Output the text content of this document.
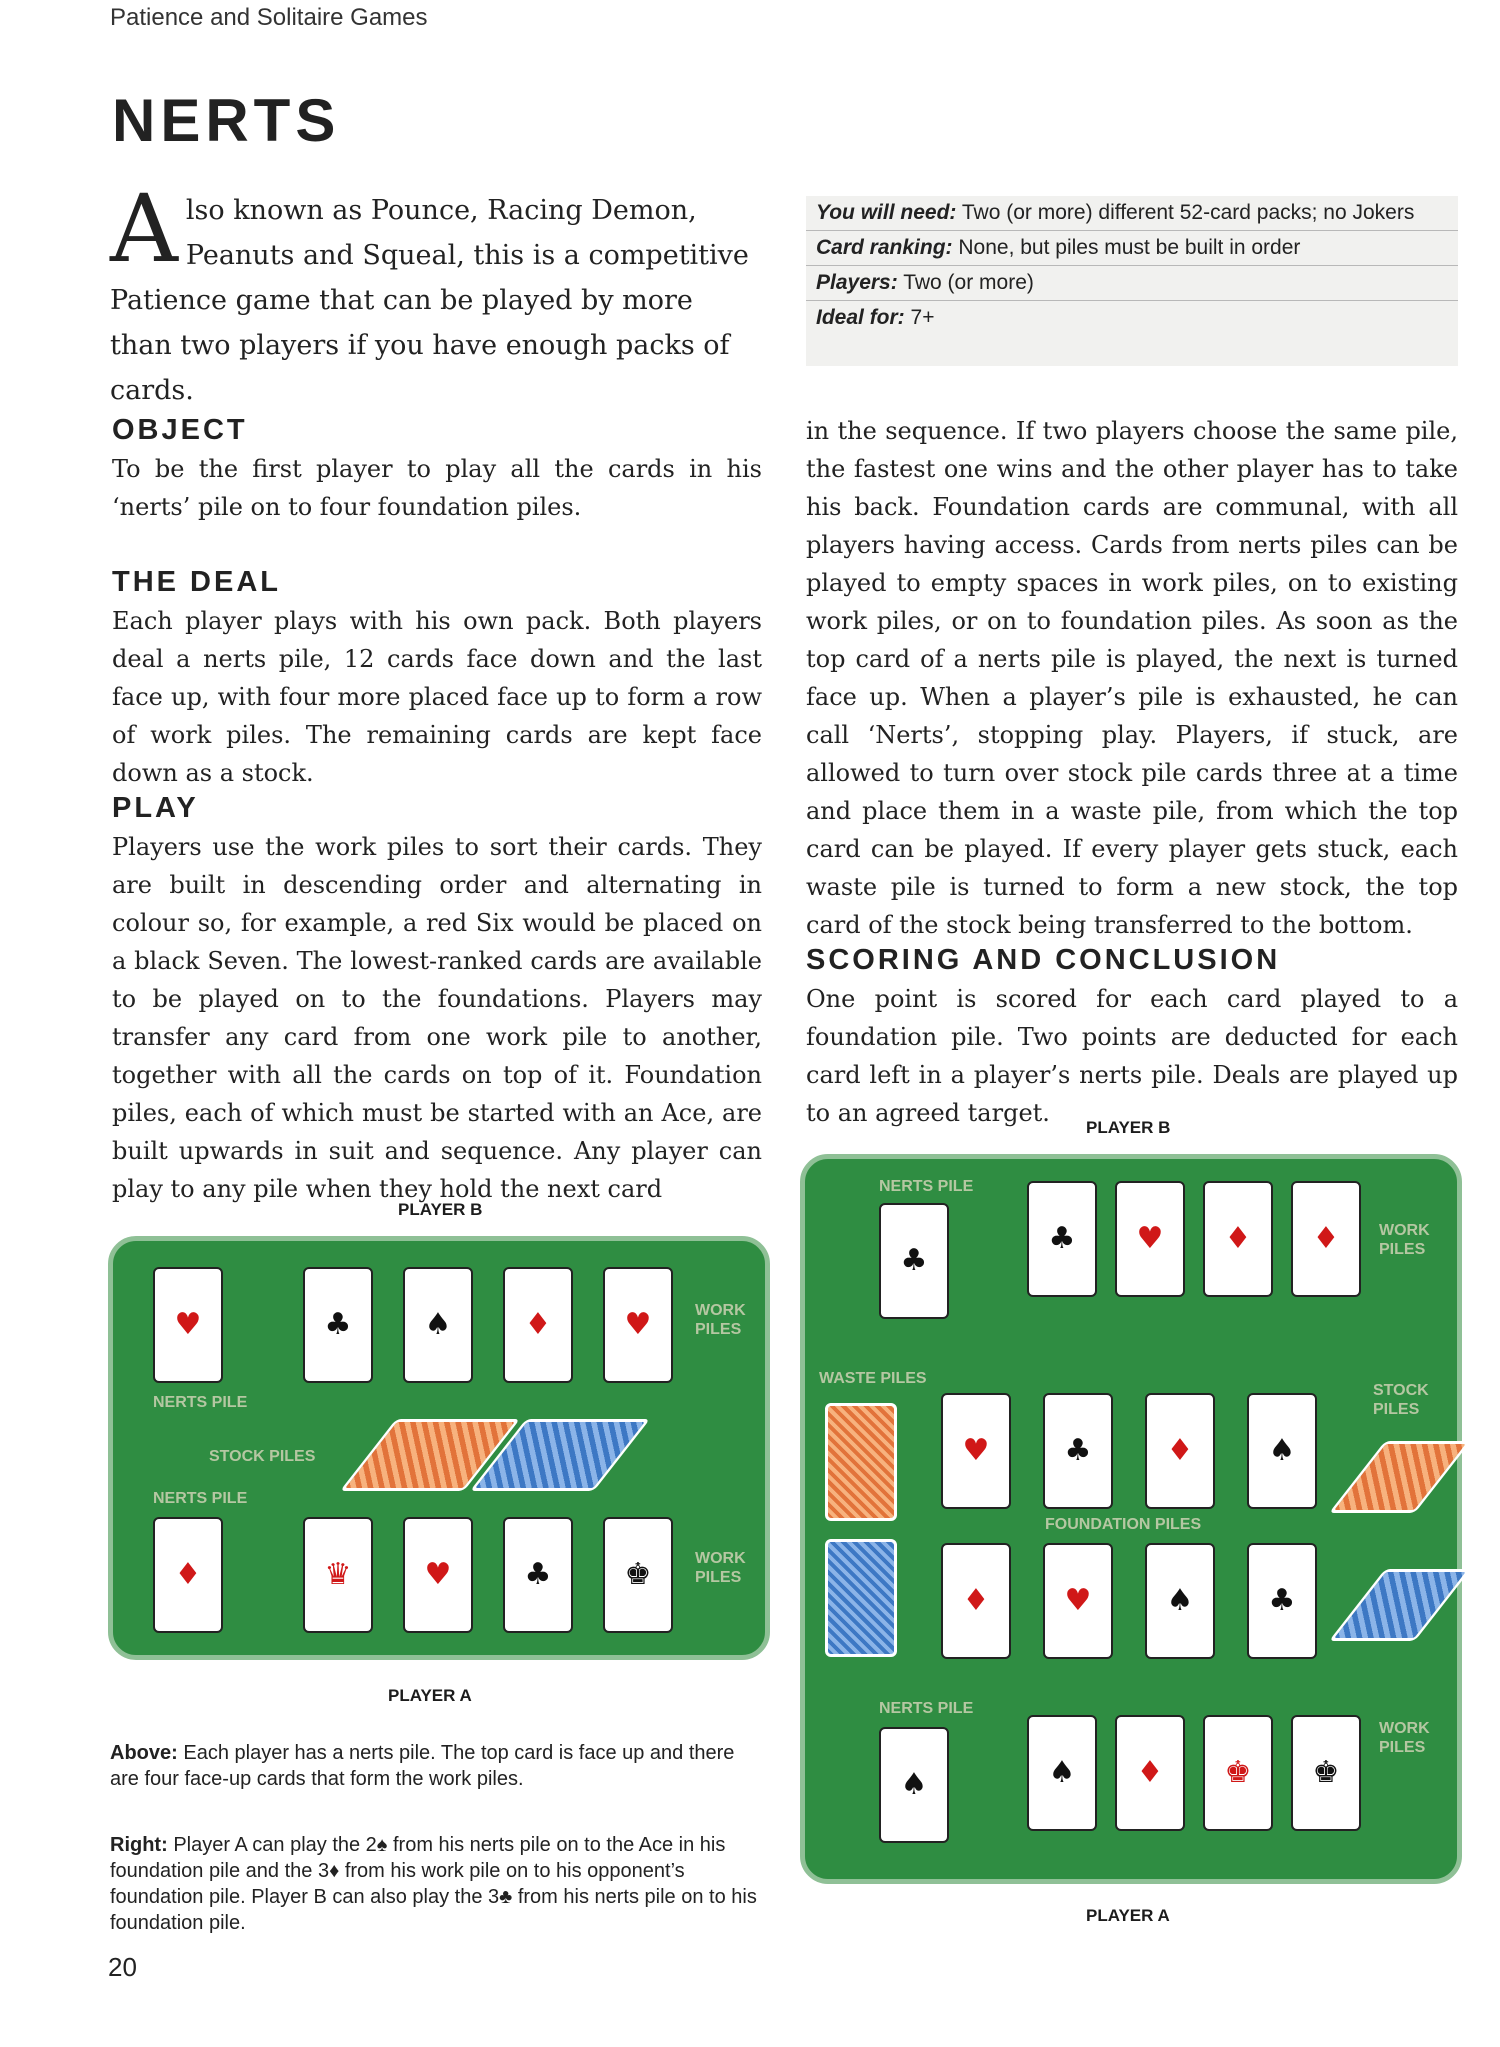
Patience and Solitaire Games
NERTS
Also known as Pounce, Racing Demon, Peanuts and Squeal, this is a competitive Patience game that can be played by more than two players if you have enough packs of cards.
You will need: Two (or more) different 52-card packs; no Jokers
Card ranking: None, but piles must be built in order
Players: Two (or more)
Ideal for: 7+
OBJECT
To be the first player to play all the cards in his ‘nerts’ pile on to four foundation piles.
THE DEAL
Each player plays with his own pack. Both players deal a nerts pile, 12 cards face down and the last face up, with four more placed face up to form a row of work piles. The remaining cards are kept face down as a stock.
PLAY
Players use the work piles to sort their cards. They are built in descending order and alternating in colour so, for example, a red Six would be placed on a black Seven. The lowest-ranked cards are available to be played on to the foundations. Players may transfer any card from one work pile to another, together with all the cards on top of it. Foundation piles, each of which must be started with an Ace, are built upwards in suit and sequence. Any player can play to any pile when they hold the next card
in the sequence. If two players choose the same pile, the fastest one wins and the other player has to take his back. Foundation cards are communal, with all players having access. Cards from nerts piles can be played to empty spaces in work piles, on to existing work piles, or on to foundation piles. As soon as the top card of a nerts pile is played, the next is turned face up. When a player’s pile is exhausted, he can call ‘Nerts’, stopping play. Players, if stuck, are allowed to turn over stock pile cards three at a time and place them in a waste pile, from which the top card can be played. If every player gets stuck, each waste pile is turned to form a new stock, the top card of the stock being transferred to the bottom.
SCORING AND CONCLUSION
One point is scored for each card played to a foundation pile. Two points are deducted for each card left in a player’s nerts pile. Deals are played up to an agreed target.
PLAYER B
♥	♣	♠	♦	♥	WORK PILES
NERTS PILE
STOCK PILES
NERTS PILE
♦	♛	♥	♣	♚	WORK PILES
PLAYER A
Above: Each player has a nerts pile. The top card is face up and there are four face-up cards that form the work piles.
Right: Player A can play the 2♠ from his nerts pile on to the Ace in his foundation pile and the 3♦ from his work pile on to his opponent’s foundation pile. Player B can also play the 3♣ from his nerts pile on to his foundation pile.
PLAYER B
NERTS PILE
♣
♣	♥	♦	♦	WORK PILES
WASTE PILES
♥	♣	♦	♠
STOCK PILES
FOUNDATION PILES
♦	♥	♠	♣
NERTS PILE
♠	♠	♦	♚	♚
WORK PILES
PLAYER A
20
